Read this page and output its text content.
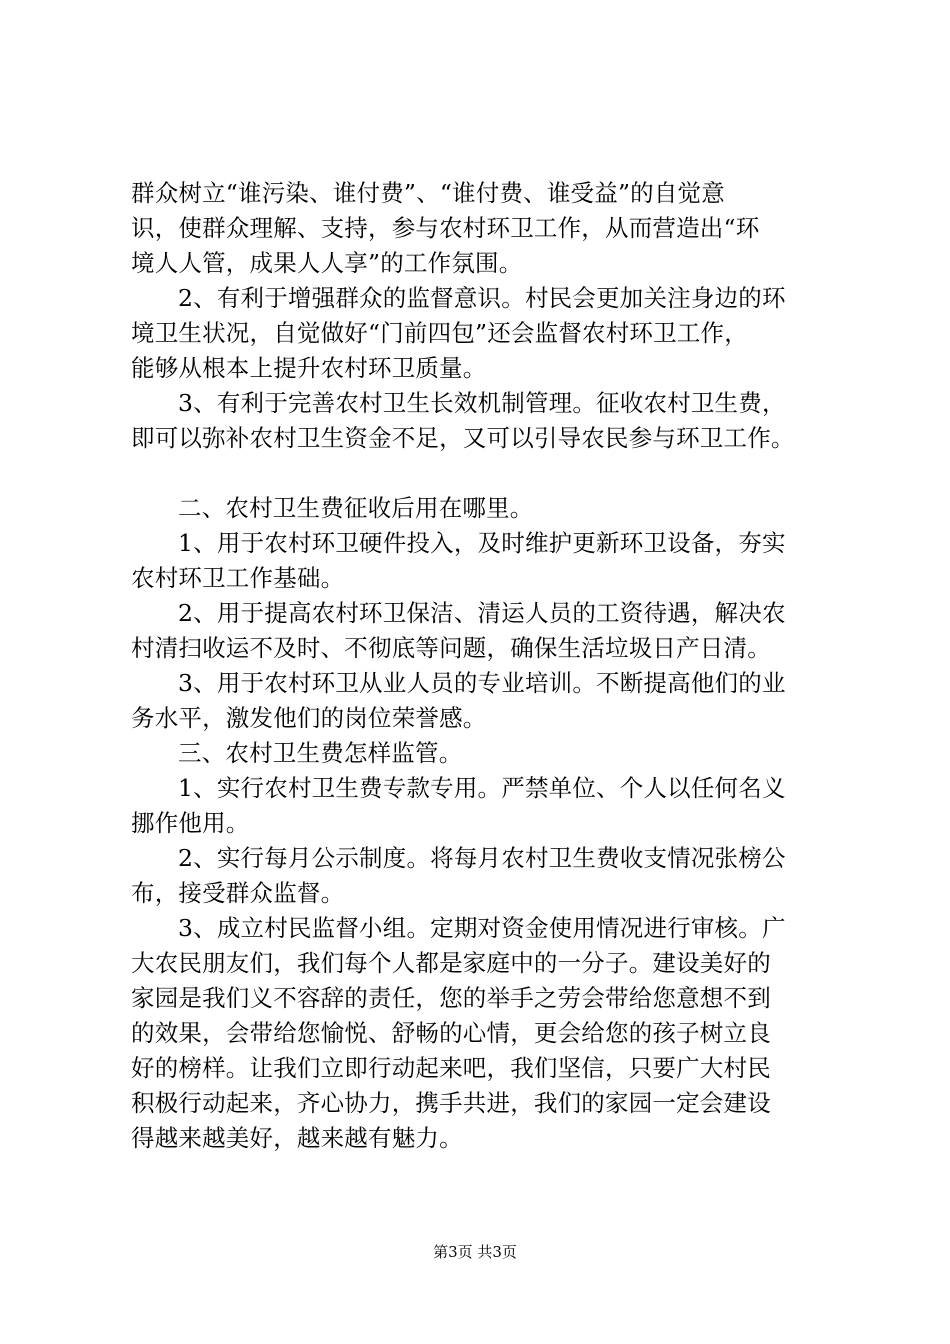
群众树立“谁污染、谁付费”、“谁付费、谁受益”的自觉意
识，使群众理解、支持，参与农村环卫工作，从而营造出“环
境人人管，成果人人享”的工作氛围。
2、有利于增强群众的监督意识。村民会更加关注身边的环
境卫生状况，自觉做好“门前四包”还会监督农村环卫工作，
能够从根本上提升农村环卫质量。
3、有利于完善农村卫生长效机制管理。征收农村卫生费，
即可以弥补农村卫生资金不足，又可以引导农民参与环卫工作。
二、农村卫生费征收后用在哪里。
1、用于农村环卫硬件投入，及时维护更新环卫设备，夯实
农村环卫工作基础。
2、用于提高农村环卫保洁、清运人员的工资待遇，解决农
村清扫收运不及时、不彻底等问题，确保生活垃圾日产日清。
3、用于农村环卫从业人员的专业培训。不断提高他们的业
务水平，激发他们的岗位荣誉感。
三、农村卫生费怎样监管。
1、实行农村卫生费专款专用。严禁单位、个人以任何名义
挪作他用。
2、实行每月公示制度。将每月农村卫生费收支情况张榜公
布，接受群众监督。
3、成立村民监督小组。定期对资金使用情况进行审核。广
大农民朋友们，我们每个人都是家庭中的一分子。建设美好的
家园是我们义不容辞的责任，您的举手之劳会带给您意想不到
的效果，会带给您愉悦、舒畅的心情，更会给您的孩子树立良
好的榜样。让我们立即行动起来吧，我们坚信，只要广大村民
积极行动起来，齐心协力，携手共进，我们的家园一定会建设
得越来越美好，越来越有魅力。
第3页 共3页
